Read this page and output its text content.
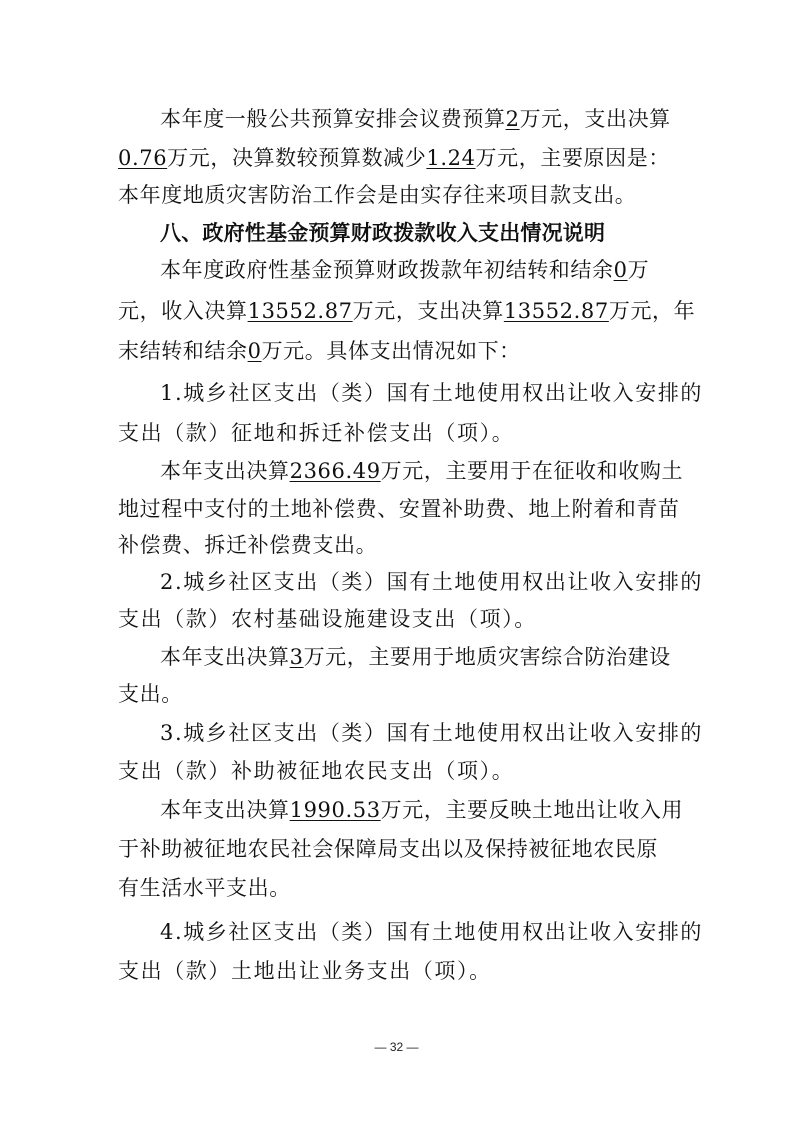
本年度一般公共预算安排会议费预算2万元，支出决算
0.76万元，决算数较预算数减少1.24万元，主要原因是：
本年度地质灾害防治工作会是由实存往来项目款支出。
八、政府性基金预算财政拨款收入支出情况说明
本年度政府性基金预算财政拨款年初结转和结余0万
元，收入决算13552.87万元，支出决算13552.87万元，年
末结转和结余0万元。具体支出情况如下：
1.城乡社区支出（类）国有土地使用权出让收入安排的
支出（款）征地和拆迁补偿支出（项）。
本年支出决算2366.49万元，主要用于在征收和收购土
地过程中支付的土地补偿费、安置补助费、地上附着和青苗
补偿费、拆迁补偿费支出。
2.城乡社区支出（类）国有土地使用权出让收入安排的
支出（款）农村基础设施建设支出（项）。
本年支出决算3万元，主要用于地质灾害综合防治建设
支出。
3.城乡社区支出（类）国有土地使用权出让收入安排的
支出（款）补助被征地农民支出（项）。
本年支出决算1990.53万元，主要反映土地出让收入用
于补助被征地农民社会保障局支出以及保持被征地农民原
有生活水平支出。
4.城乡社区支出（类）国有土地使用权出让收入安排的
支出（款）土地出让业务支出（项）。
— 32 —
